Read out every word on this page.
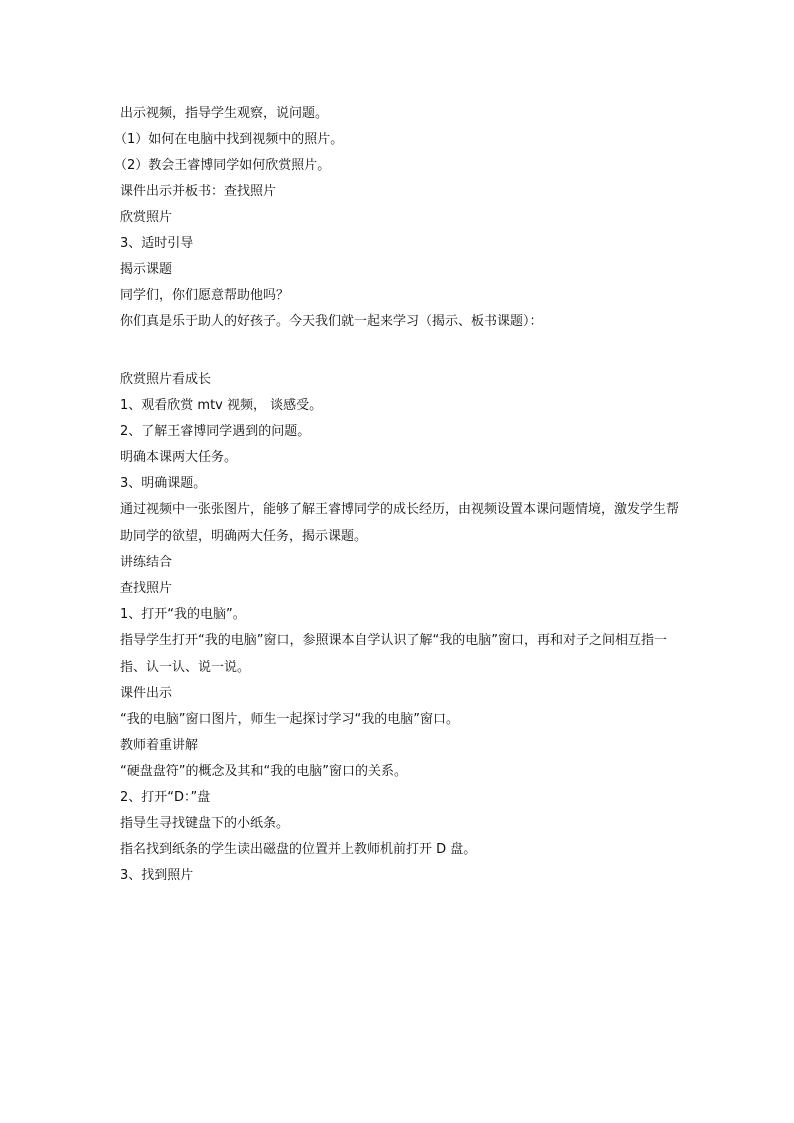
出示视频，指导学生观察，说问题。
（1）如何在电脑中找到视频中的照片。
（2）教会王睿博同学如何欣赏照片。
课件出示并板书：查找照片
欣赏照片
3、适时引导
揭示课题
同学们，你们愿意帮助他吗？
你们真是乐于助人的好孩子。今天我们就一起来学习（揭示、板书课题）：
欣赏照片看成长
1、观看欣赏 mtv 视频， 谈感受。
2、了解王睿博同学遇到的问题。
明确本课两大任务。
3、明确课题。
通过视频中一张张图片，能够了解王睿博同学的成长经历，由视频设置本课问题情境，激发学生帮助同学的欲望，明确两大任务，揭示课题。
讲练结合
查找照片
1、打开“我的电脑”。
指导学生打开“我的电脑”窗口，参照课本自学认识了解“我的电脑”窗口，再和对子之间相互指一指、认一认、说一说。
课件出示
“我的电脑”窗口图片，师生一起探讨学习“我的电脑”窗口。
教师着重讲解
“硬盘盘符”的概念及其和“我的电脑”窗口的关系。
2、打开“D：”盘
指导生寻找键盘下的小纸条。
指名找到纸条的学生读出磁盘的位置并上教师机前打开 D 盘。
3、找到照片
